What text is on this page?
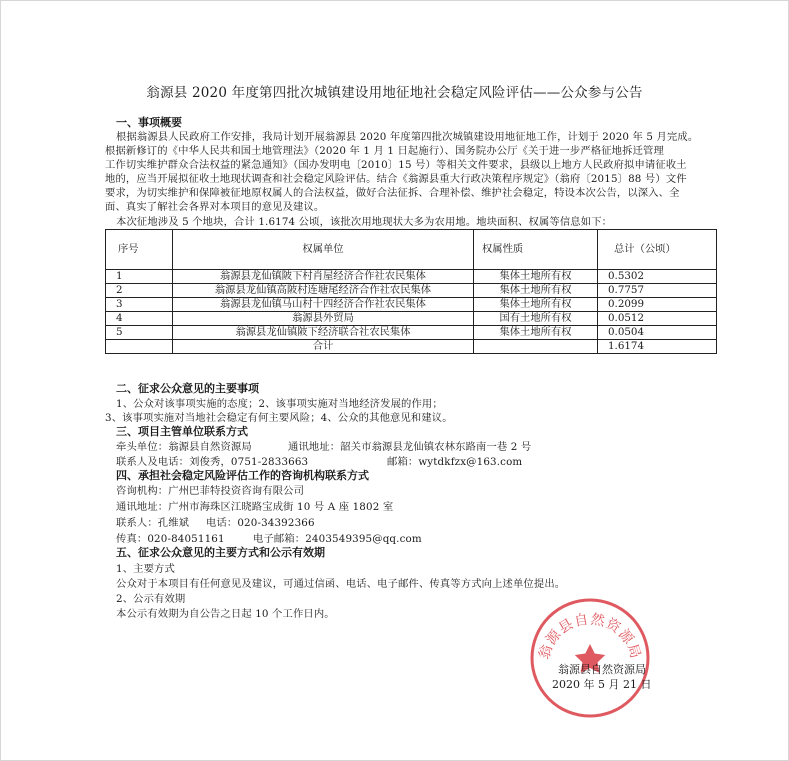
翁源县 2020 年度第四批次城镇建设用地征地社会稳定风险评估——公众参与公告
一、事项概要
根据翁源县人民政府工作安排，我局计划开展翁源县 2020 年度第四批次城镇建设用地征地工作，计划于 2020 年 5 月完成。
根据新修订的《中华人民共和国土地管理法》（2020 年 1 月 1 日起施行）、国务院办公厅《关于进一步严格征地拆迁管理
工作切实维护群众合法权益的紧急通知》（国办发明电〔2010〕15 号）等相关文件要求，县级以上地方人民政府拟申请征收土
地的，应当开展拟征收土地现状调查和社会稳定风险评估。结合《翁源县重大行政决策程序规定》（翁府〔2015〕88 号）文件
要求，为切实维护和保障被征地原权属人的合法权益，做好合法征拆、合理补偿、维护社会稳定，特设本次公告，以深入、全
面、真实了解社会各界对本项目的意见及建议。
本次征地涉及 5 个地块，合计 1.6174 公顷，该批次用地现状大多为农用地。地块面积、权属等信息如下：
序号	权属单位	权属性质	总计（公顷）
1	翁源县龙仙镇陂下村肖屋经济合作社农民集体	集体土地所有权	0.5302
2	翁源县龙仙镇高陂村连塘尾经济合作社农民集体	集体土地所有权	0.7757
3	翁源县龙仙镇马山村十四经济合作社农民集体	集体土地所有权	0.2099
4	翁源县外贸局	国有土地所有权	0.0512
5	翁源县龙仙镇陂下经济联合社农民集体	集体土地所有权	0.0504
	合计		1.6174
二、征求公众意见的主要事项
1、公众对该事项实施的态度；2、该事项实施对当地经济发展的作用；
3、该事项实施对当地社会稳定有何主要风险；4、公众的其他意见和建议。
三、项目主管单位联系方式
牵头单位：翁源县自然资源局	通讯地址：韶关市翁源县龙仙镇农林东路南一巷 2 号
联系人及电话：刘俊秀，0751-2833663	邮箱：wytdkfzx@163.com
四、承担社会稳定风险评估工作的咨询机构联系方式
咨询机构：广州巴菲特投资咨询有限公司
通讯地址：广州市海珠区江晓路宝成街 10 号 A 座 1802 室
联系人：孔维斌 电话：020-34392366
传真：020-84051161	电子邮箱：2403549395@qq.com
五、征求公众意见的主要方式和公示有效期
1、主要方式
公众对于本项目有任何意见及建议，可通过信函、电话、电子邮件、传真等方式向上述单位提出。
2、公示有效期
本公示有效期为自公告之日起 10 个工作日内。
翁源县自然资源局
翁源县自然资源局
2020 年 5 月 21 日
